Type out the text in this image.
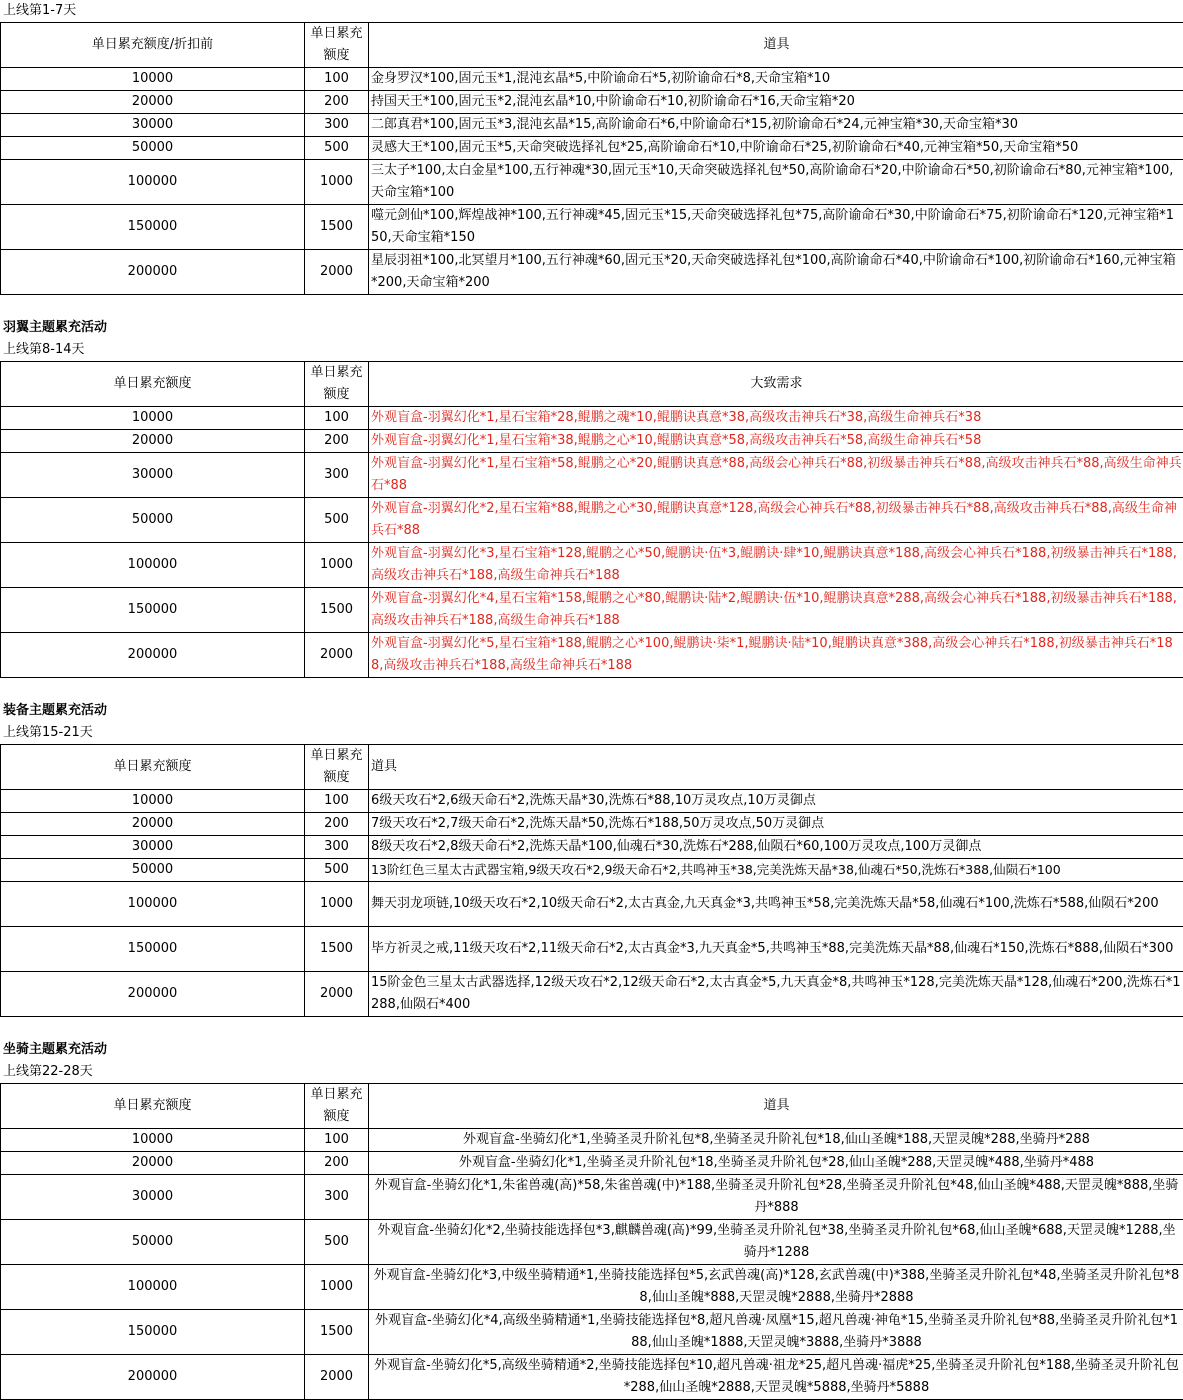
上线第1-7天
单日累充额度/折扣前	单日累充额度	道具
10000	100	金身罗汉*100,固元玉*1,混沌玄晶*5,中阶谕命石*5,初阶谕命石*8,天命宝箱*10
20000	200	持国天王*100,固元玉*2,混沌玄晶*10,中阶谕命石*10,初阶谕命石*16,天命宝箱*20
30000	300	二郎真君*100,固元玉*3,混沌玄晶*15,高阶谕命石*6,中阶谕命石*15,初阶谕命石*24,元神宝箱*30,天命宝箱*30
50000	500	灵感大王*100,固元玉*5,天命突破选择礼包*25,高阶谕命石*10,中阶谕命石*25,初阶谕命石*40,元神宝箱*50,天命宝箱*50
100000	1000	三太子*100,太白金星*100,五行神魂*30,固元玉*10,天命突破选择礼包*50,高阶谕命石*20,中阶谕命石*50,初阶谕命石*80,元神宝箱*100,天命宝箱*100
150000	1500	噬元剑仙*100,辉煌战神*100,五行神魂*45,固元玉*15,天命突破选择礼包*75,高阶谕命石*30,中阶谕命石*75,初阶谕命石*120,元神宝箱*150,天命宝箱*150
200000	2000	星辰羽祖*100,北冥望月*100,五行神魂*60,固元玉*20,天命突破选择礼包*100,高阶谕命石*40,中阶谕命石*100,初阶谕命石*160,元神宝箱*200,天命宝箱*200
羽翼主题累充活动
上线第8-14天
单日累充额度	单日累充额度	大致需求
10000	100	外观盲盒-羽翼幻化*1,星石宝箱*28,鲲鹏之魂*10,鲲鹏诀真意*38,高级攻击神兵石*38,高级生命神兵石*38
20000	200	外观盲盒-羽翼幻化*1,星石宝箱*38,鲲鹏之心*10,鲲鹏诀真意*58,高级攻击神兵石*58,高级生命神兵石*58
30000	300	外观盲盒-羽翼幻化*1,星石宝箱*58,鲲鹏之心*20,鲲鹏诀真意*88,高级会心神兵石*88,初级暴击神兵石*88,高级攻击神兵石*88,高级生命神兵石*88
50000	500	外观盲盒-羽翼幻化*2,星石宝箱*88,鲲鹏之心*30,鲲鹏诀真意*128,高级会心神兵石*88,初级暴击神兵石*88,高级攻击神兵石*88,高级生命神兵石*88
100000	1000	外观盲盒-羽翼幻化*3,星石宝箱*128,鲲鹏之心*50,鲲鹏诀·伍*3,鲲鹏诀·肆*10,鲲鹏诀真意*188,高级会心神兵石*188,初级暴击神兵石*188,高级攻击神兵石*188,高级生命神兵石*188
150000	1500	外观盲盒-羽翼幻化*4,星石宝箱*158,鲲鹏之心*80,鲲鹏诀·陆*2,鲲鹏诀·伍*10,鲲鹏诀真意*288,高级会心神兵石*188,初级暴击神兵石*188,高级攻击神兵石*188,高级生命神兵石*188
200000	2000	外观盲盒-羽翼幻化*5,星石宝箱*188,鲲鹏之心*100,鲲鹏诀·柒*1,鲲鹏诀·陆*10,鲲鹏诀真意*388,高级会心神兵石*188,初级暴击神兵石*188,高级攻击神兵石*188,高级生命神兵石*188
装备主题累充活动
上线第15-21天
单日累充额度	单日累充额度	道具
10000	100	6级天攻石*2,6级天命石*2,洗炼天晶*30,洗炼石*88,10万灵攻点,10万灵御点
20000	200	7级天攻石*2,7级天命石*2,洗炼天晶*50,洗炼石*188,50万灵攻点,50万灵御点
30000	300	8级天攻石*2,8级天命石*2,洗炼天晶*100,仙魂石*30,洗炼石*288,仙陨石*60,100万灵攻点,100万灵御点
50000	500	13阶红色三星太古武器宝箱,9级天攻石*2,9级天命石*2,共鸣神玉*38,完美洗炼天晶*38,仙魂石*50,洗炼石*388,仙陨石*100
100000	1000	舞天羽龙项链,10级天攻石*2,10级天命石*2,太古真金,九天真金*3,共鸣神玉*58,完美洗炼天晶*58,仙魂石*100,洗炼石*588,仙陨石*200
150000	1500	毕方祈灵之戒,11级天攻石*2,11级天命石*2,太古真金*3,九天真金*5,共鸣神玉*88,完美洗炼天晶*88,仙魂石*150,洗炼石*888,仙陨石*300
200000	2000	15阶金色三星太古武器选择,12级天攻石*2,12级天命石*2,太古真金*5,九天真金*8,共鸣神玉*128,完美洗炼天晶*128,仙魂石*200,洗炼石*1288,仙陨石*400
坐骑主题累充活动
上线第22-28天
单日累充额度	单日累充额度	道具
10000	100	外观盲盒-坐骑幻化*1,坐骑圣灵升阶礼包*8,坐骑圣灵升阶礼包*18,仙山圣魄*188,天罡灵魄*288,坐骑丹*288
20000	200	外观盲盒-坐骑幻化*1,坐骑圣灵升阶礼包*18,坐骑圣灵升阶礼包*28,仙山圣魄*288,天罡灵魄*488,坐骑丹*488
30000	300	外观盲盒-坐骑幻化*1,朱雀兽魂(高)*58,朱雀兽魂(中)*188,坐骑圣灵升阶礼包*28,坐骑圣灵升阶礼包*48,仙山圣魄*488,天罡灵魄*888,坐骑丹*888
50000	500	外观盲盒-坐骑幻化*2,坐骑技能选择包*3,麒麟兽魂(高)*99,坐骑圣灵升阶礼包*38,坐骑圣灵升阶礼包*68,仙山圣魄*688,天罡灵魄*1288,坐骑丹*1288
100000	1000	外观盲盒-坐骑幻化*3,中级坐骑精通*1,坐骑技能选择包*5,玄武兽魂(高)*128,玄武兽魂(中)*388,坐骑圣灵升阶礼包*48,坐骑圣灵升阶礼包*88,仙山圣魄*888,天罡灵魄*2888,坐骑丹*2888
150000	1500	外观盲盒-坐骑幻化*4,高级坐骑精通*1,坐骑技能选择包*8,超凡兽魂·凤凰*15,超凡兽魂·神龟*15,坐骑圣灵升阶礼包*88,坐骑圣灵升阶礼包*188,仙山圣魄*1888,天罡灵魄*3888,坐骑丹*3888
200000	2000	外观盲盒-坐骑幻化*5,高级坐骑精通*2,坐骑技能选择包*10,超凡兽魂·祖龙*25,超凡兽魂·福虎*25,坐骑圣灵升阶礼包*188,坐骑圣灵升阶礼包*288,仙山圣魄*2888,天罡灵魄*5888,坐骑丹*5888
